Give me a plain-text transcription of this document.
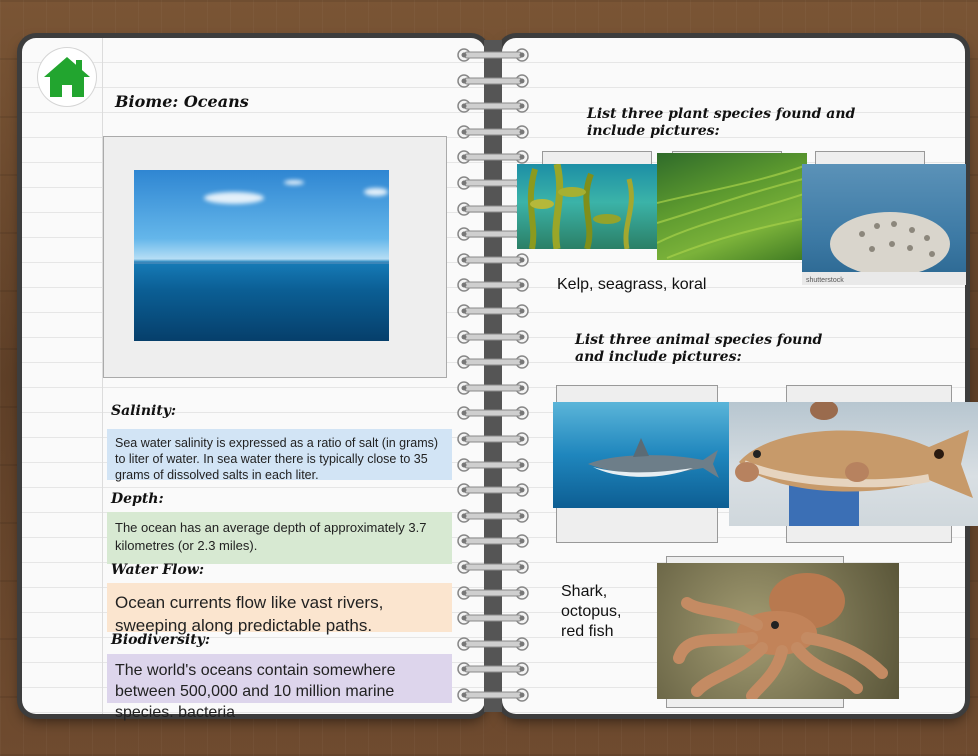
Biome: Oceans
Salinity:
Sea water salinity is expressed as a ratio of salt (in grams) to liter of water. In sea water there is typically close to 35 grams of dissolved salts in each liter.
Depth:
The ocean has an average depth of approximately 3.7 kilometres (or 2.3 miles).
Water Flow:
Ocean currents flow like vast rivers, sweeping along predictable paths.
Biodiversity:
The world's oceans contain somewhere between 500,000 and 10 million marine species. bacteria
List three plant species found and include pictures:
shutterstock
Kelp, seagrass, koral
List three animal species found and include pictures:
Shark, octopus, red fish
